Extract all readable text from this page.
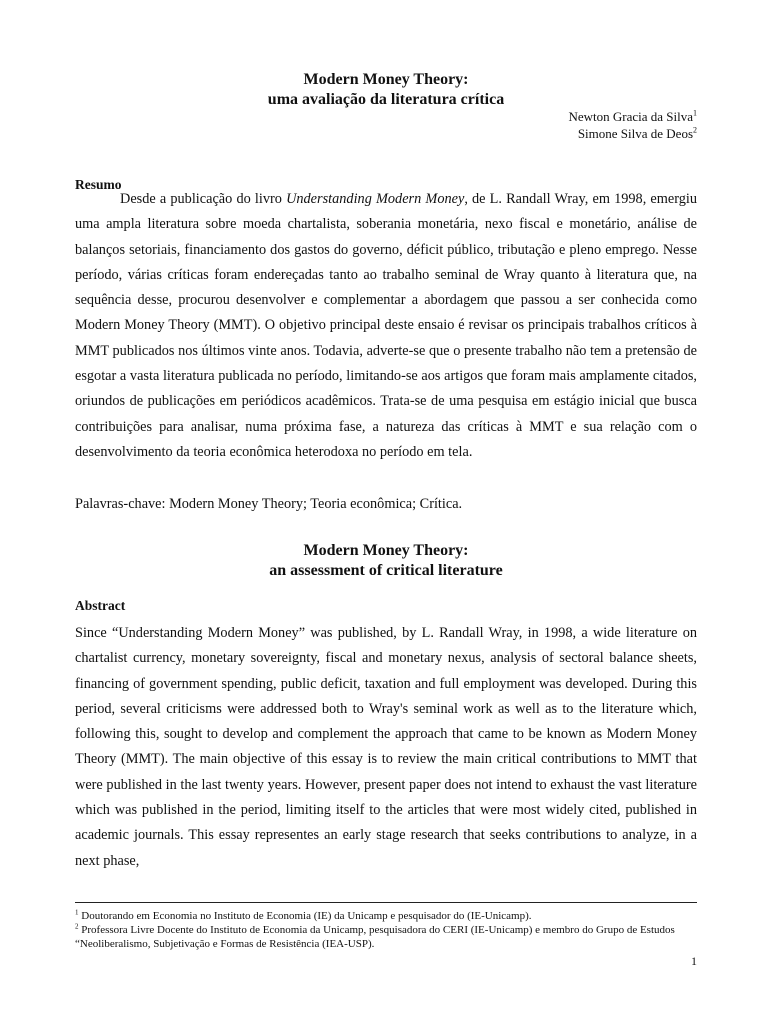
Modern Money Theory:
uma avaliação da literatura crítica
Newton Gracia da Silva$^1$
Simone Silva de Deos$^2$
Resumo
Desde a publicação do livro Understanding Modern Money, de L. Randall Wray, em 1998, emergiu uma ampla literatura sobre moeda chartalista, soberania monetária, nexo fiscal e monetário, análise de balanços setoriais, financiamento dos gastos do governo, déficit público, tributação e pleno emprego. Nesse período, várias críticas foram endereçadas tanto ao trabalho seminal de Wray quanto à literatura que, na sequência desse, procurou desenvolver e complementar a abordagem que passou a ser conhecida como Modern Money Theory (MMT). O objetivo principal deste ensaio é revisar os principais trabalhos críticos à MMT publicados nos últimos vinte anos. Todavia, adverte-se que o presente trabalho não tem a pretensão de esgotar a vasta literatura publicada no período, limitando-se aos artigos que foram mais amplamente citados, oriundos de publicações em periódicos acadêmicos. Trata-se de uma pesquisa em estágio inicial que busca contribuições para analisar, numa próxima fase, a natureza das críticas à MMT e sua relação com o desenvolvimento da teoria econômica heterodoxa no período em tela.
Palavras-chave: Modern Money Theory; Teoria econômica; Crítica.
Modern Money Theory:
an assessment of critical literature
Abstract
Since “Understanding Modern Money” was published, by L. Randall Wray, in 1998, a wide literature on chartalist currency, monetary sovereignty, fiscal and monetary nexus, analysis of sectoral balance sheets, financing of government spending, public deficit, taxation and full employment was developed. During this period, several criticisms were addressed both to Wray's seminal work as well as to the literature which, following this, sought to develop and complement the approach that came to be known as Modern Money Theory (MMT). The main objective of this essay is to review the main critical contributions to MMT that were published in the last twenty years. However, present paper does not intend to exhaust the vast literature which was published in the period, limiting itself to the articles that were most widely cited, published in academic journals. This essay representes an early stage research that seeks contributions to analyze, in a next phase,

$^1$ Doutorando em Economia no Instituto de Economia (IE) da Unicamp e pesquisador do (IE-Unicamp).

$^2$ Professora Livre Docente do Instituto de Economia da Unicamp, pesquisadora do CERI (IE-Unicamp) e membro do Grupo de Estudos “Neoliberalismo, Subjetivação e Formas de Resistência (IEA-USP).

1
